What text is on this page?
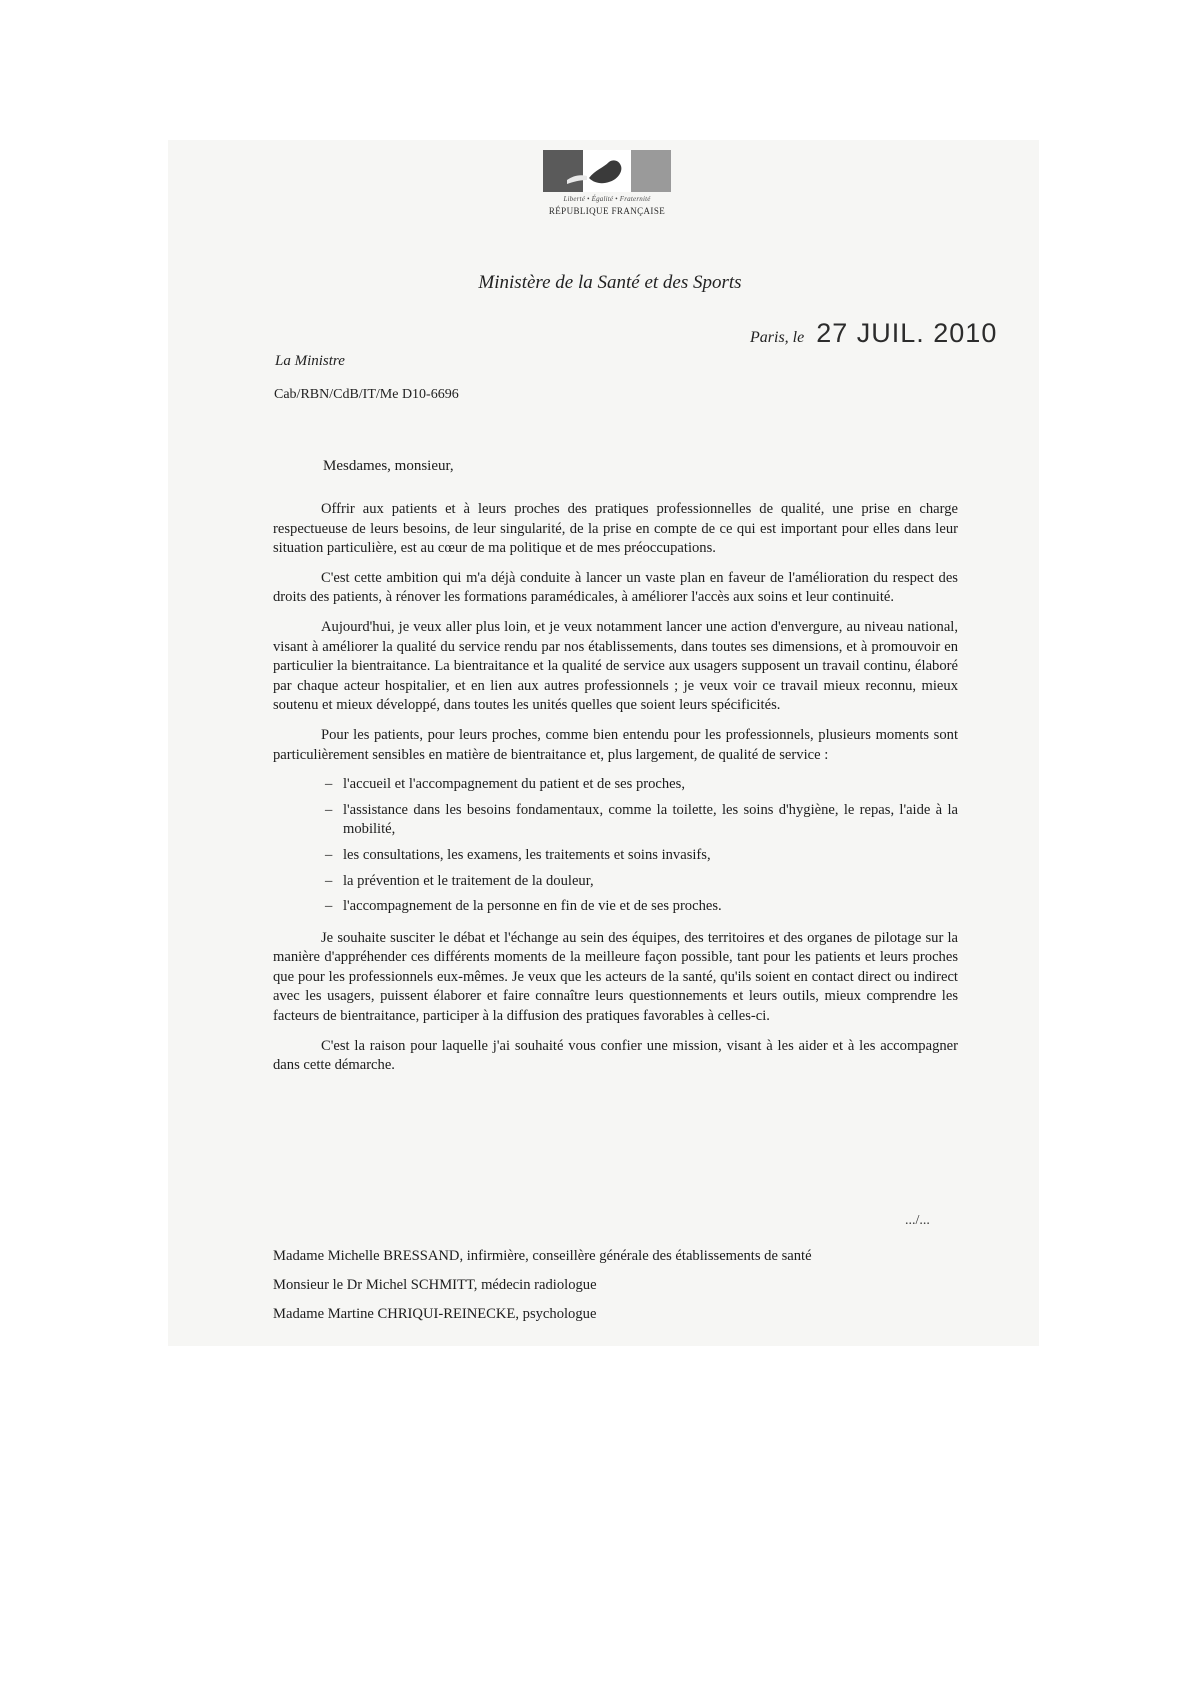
Liberté • Égalité • Fraternité
RÉPUBLIQUE FRANÇAISE
Ministère de la Santé et des Sports
Paris, le 27 JUIL. 2010
La Ministre
Cab/RBN/CdB/IT/Me D10-6696
Mesdames, monsieur,

Offrir aux patients et à leurs proches des pratiques professionnelles de qualité, une prise en charge respectueuse de leurs besoins, de leur singularité, de la prise en compte de ce qui est important pour elles dans leur situation particulière, est au cœur de ma politique et de mes préoccupations.

C'est cette ambition qui m'a déjà conduite à lancer un vaste plan en faveur de l'amélioration du respect des droits des patients, à rénover les formations paramédicales, à améliorer l'accès aux soins et leur continuité.

Aujourd'hui, je veux aller plus loin, et je veux notamment lancer une action d'envergure, au niveau national, visant à améliorer la qualité du service rendu par nos établissements, dans toutes ses dimensions, et à promouvoir en particulier la bientraitance. La bientraitance et la qualité de service aux usagers supposent un travail continu, élaboré par chaque acteur hospitalier, et en lien aux autres professionnels ; je veux voir ce travail mieux reconnu, mieux soutenu et mieux développé, dans toutes les unités quelles que soient leurs spécificités.

Pour les patients, pour leurs proches, comme bien entendu pour les professionnels, plusieurs moments sont particulièrement sensibles en matière de bientraitance et, plus largement, de qualité de service :

– l'accueil et l'accompagnement du patient et de ses proches,
– l'assistance dans les besoins fondamentaux, comme la toilette, les soins d'hygiène, le repas, l'aide à la mobilité,
– les consultations, les examens, les traitements et soins invasifs,
– la prévention et le traitement de la douleur,
– l'accompagnement de la personne en fin de vie et de ses proches.

Je souhaite susciter le débat et l'échange au sein des équipes, des territoires et des organes de pilotage sur la manière d'appréhender ces différents moments de la meilleure façon possible, tant pour les patients et leurs proches que pour les professionnels eux-mêmes. Je veux que les acteurs de la santé, qu'ils soient en contact direct ou indirect avec les usagers, puissent élaborer et faire connaître leurs questionnements et leurs outils, mieux comprendre les facteurs de bientraitance, participer à la diffusion des pratiques favorables à celles-ci.

C'est la raison pour laquelle j'ai souhaité vous confier une mission, visant à les aider et à les accompagner dans cette démarche.

.../...
Madame Michelle BRESSAND, infirmière, conseillère générale des établissements de santé
Monsieur le Dr Michel SCHMITT, médecin radiologue
Madame Martine CHRIQUI-REINECKE, psychologue
